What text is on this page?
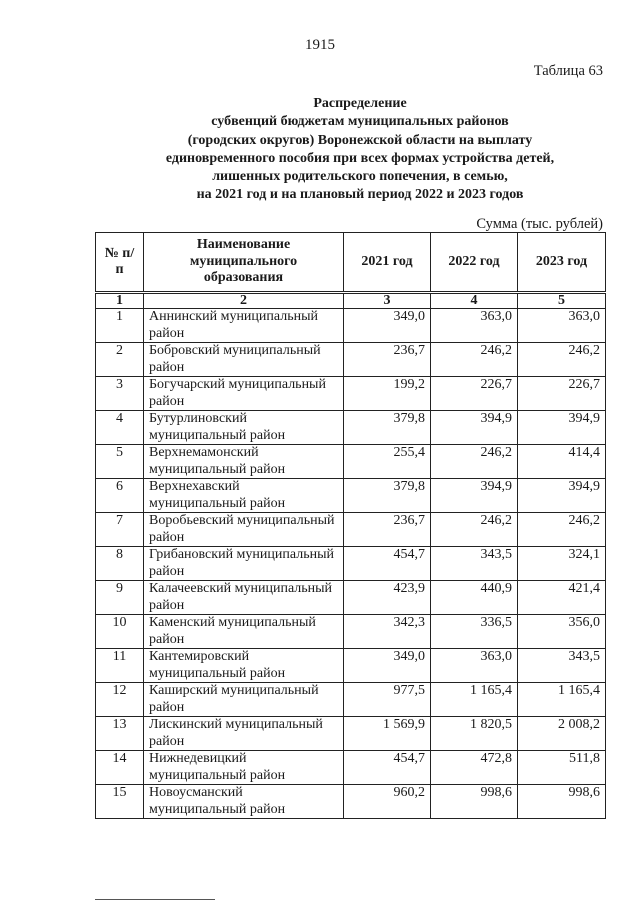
1915
Таблица 63
Распределение
субвенций бюджетам муниципальных районов
(городских округов) Воронежской области на выплату
единовременного пособия при всех формах устройства детей,
лишенных родительского попечения, в семью,
на 2021 год и на плановый период 2022 и 2023 годов
Сумма (тыс. рублей)
№ п/п	Наименование муниципального образования	2021 год	2022 год	2023 год
1	2	3	4	5
1	Аннинский муниципальный район	349,0	363,0	363,0
2	Бобровский муниципальный район	236,7	246,2	246,2
3	Богучарский муниципальный район	199,2	226,7	226,7
4	Бутурлиновский муниципальный район	379,8	394,9	394,9
5	Верхнемамонский муниципальный район	255,4	246,2	414,4
6	Верхнехавский муниципальный район	379,8	394,9	394,9
7	Воробьевский муниципальный район	236,7	246,2	246,2
8	Грибановский муниципальный район	454,7	343,5	324,1
9	Калачеевский муниципальный район	423,9	440,9	421,4
10	Каменский муниципальный район	342,3	336,5	356,0
11	Кантемировский муниципальный район	349,0	363,0	343,5
12	Каширский муниципальный район	977,5	1 165,4	1 165,4
13	Лискинский муниципальный район	1 569,9	1 820,5	2 008,2
14	Нижнедевицкий муниципальный район	454,7	472,8	511,8
15	Новоусманский муниципальный район	960,2	998,6	998,6
